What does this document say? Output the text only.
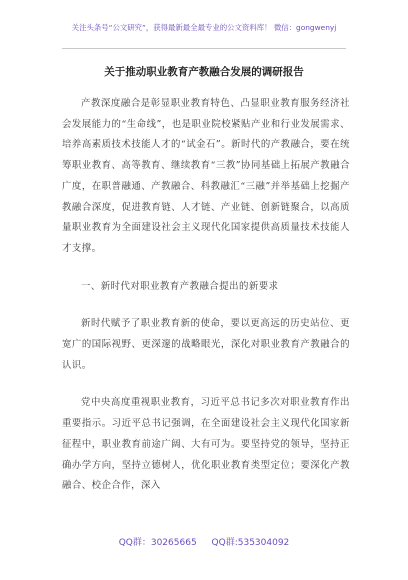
关注头条号“公文研究”，获得最新最全最专业的公文资料库！ 微信：gongwenyj
关于推动职业教育产教融合发展的调研报告

产教深度融合是彰显职业教育特色、凸显职业教育服务经济社会发展能力的“生命线”，也是职业院校紧贴产业和行业发展需求、培养高素质技术技能人才的“试金石”。新时代的产教融合，要在统筹职业教育、高等教育、继续教育“三教”协同基础上拓展产教融合广度，在职普融通、产教融合、科教融汇“三融”并举基础上挖掘产教融合深度，促进教育链、人才链、产业链、创新链聚合，以高质量职业教育为全面建设社会主义现代化国家提供高质量技术技能人才支撑。

一、新时代对职业教育产教融合提出的新要求

新时代赋予了职业教育新的使命，要以更高远的历史站位、更宽广的国际视野、更深邃的战略眼光，深化对职业教育产教融合的认识。

党中央高度重视职业教育，习近平总书记多次对职业教育作出重要指示。习近平总书记强调，在全面建设社会主义现代化国家新征程中，职业教育前途广阔、大有可为。要坚持党的领导，坚持正确办学方向，坚持立德树人，优化职业教育类型定位；要深化产教融合、校企合作，深入

QQ群：30265665 QQ群:535304092
